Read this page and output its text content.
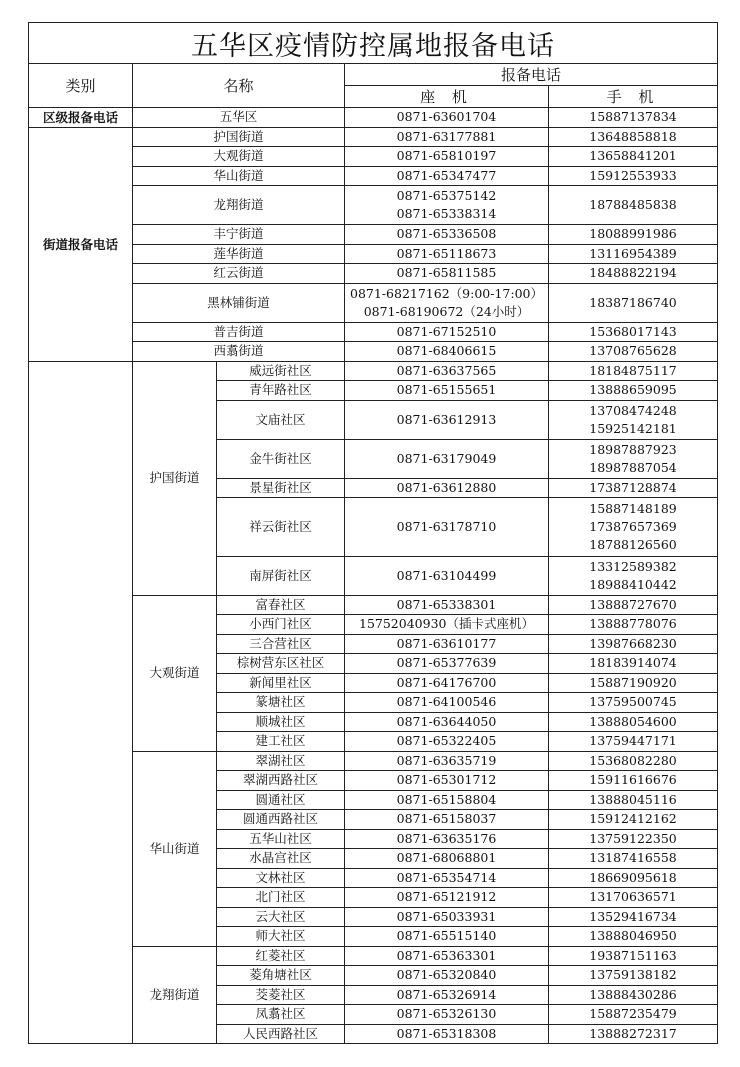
五华区疫情防控属地报备电话				
类别	名称		报备电话	
			座 机	手 机
区级报备电话	五华区		0871-63601704	15887137834
街道报备电话	护国街道		0871-63177881	13648858818

	大观街道		0871-65810197	13658841201

	华山街道		0871-65347477	15912553933

	龙翔街道		0871-65375142
0871-65338314	18788485838

	丰宁街道		0871-65336508	18088991986

	莲华街道		0871-65118673	13116954389

	红云街道		0871-65811585	18488822194

	黑林铺街道		0871-68217162（9:00-17:00）
0871-68190672（24小时）	18387186740

	普吉街道		0871-67152510	15368017143

	西翥街道		0871-68406615	13708765628

	护国街道	威远街社区	0871-63637565	18184875117

		青年路社区	0871-65155651	13888659095

		文庙社区	0871-63612913	13708474248
15925142181

		金牛街社区	0871-63179049	18987887923
18987887054

		景星街社区	0871-63612880	17387128874

		祥云街社区	0871-63178710	15887148189
17387657369
18788126560

		南屏街社区	0871-63104499	13312589382
18988410442

	大观街道	富春社区	0871-65338301	13888727670

		小西门社区	15752040930（插卡式座机）	13888778076

		三合营社区	0871-63610177	13987668230

		棕树营东区社区	0871-65377639	18183914074

		新闻里社区	0871-64176700	15887190920

		篆塘社区	0871-64100546	13759500745

		顺城社区	0871-63644050	13888054600

		建工社区	0871-65322405	13759447171

	华山街道	翠湖社区	0871-63635719	15368082280

		翠湖西路社区	0871-65301712	15911616676

		圆通社区	0871-65158804	13888045116

		圆通西路社区	0871-65158037	15912412162

		五华山社区	0871-63635176	13759122350

		水晶宫社区	0871-68068801	13187416558

		文林社区	0871-65354714	18669095618

		北门社区	0871-65121912	13170636571

		云大社区	0871-65033931	13529416734

		师大社区	0871-65515140	13888046950

	龙翔街道	红菱社区	0871-65363301	19387151163

		菱角塘社区	0871-65320840	13759138182

		茭菱社区	0871-65326914	13888430286

		凤翥社区	0871-65326130	15887235479

		人民西路社区	0871-65318308	13888272317
